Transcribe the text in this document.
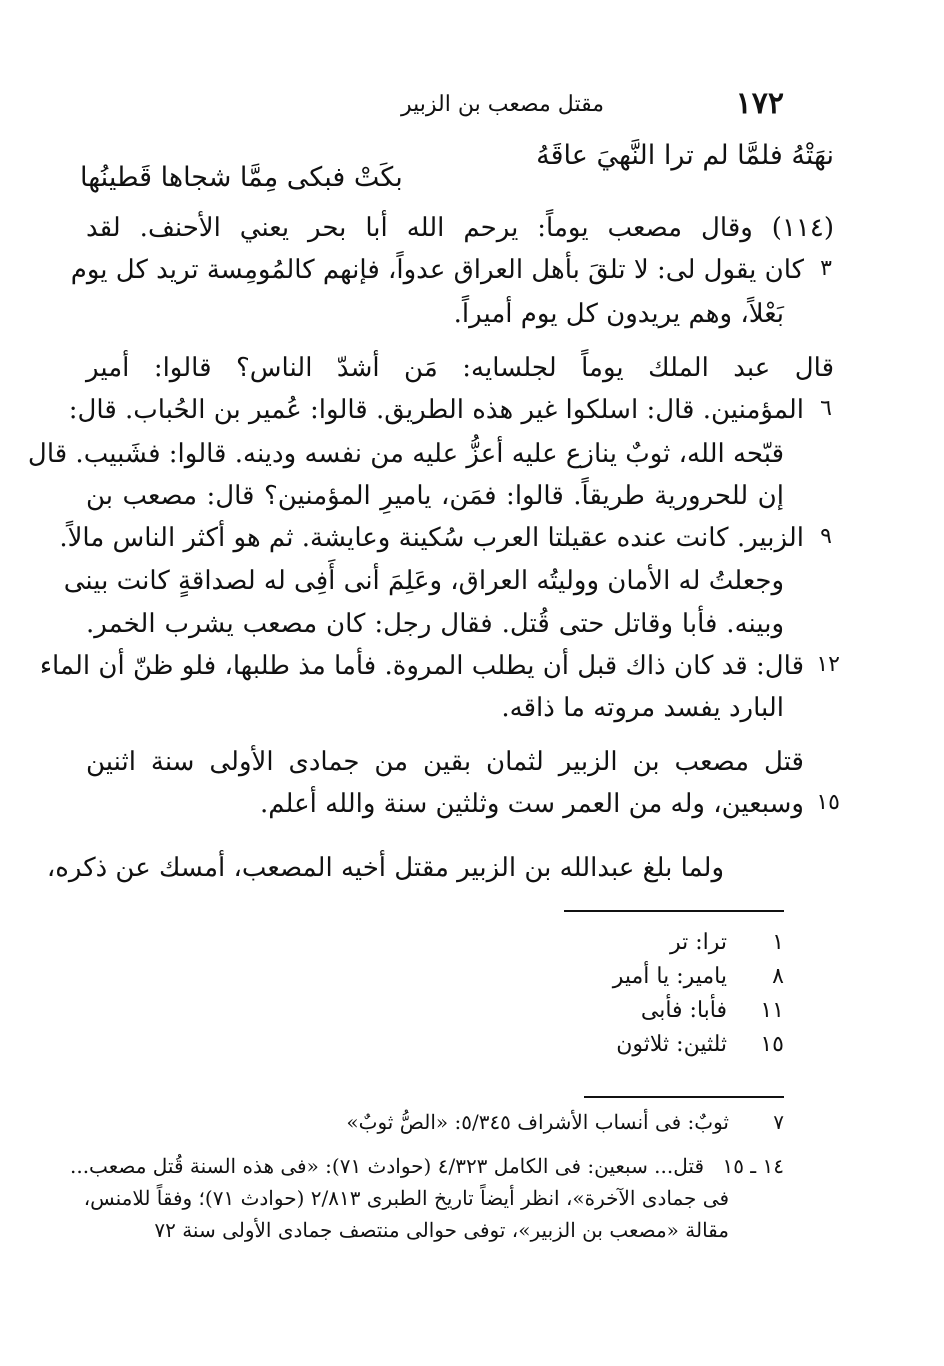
١٧٢
مقتل مصعب بن الزبير
نهَتْهُ فلمَّا لم ترا النَّهيَ عاقَهُ
بكَتْ فبكى مِمَّا شجاها قَطينُها
(١١٤) وقال مصعب يوماً: يرحم الله أبا بحر يعني الأحنف. لقد
كان يقول لى: لا تلقَ بأهل العراق عدواً، فإنهم كالمُومِسة تريد كل يوم
بَعْلاً، وهم يريدون كل يوم أميراً.
قال عبد الملك يوماً لجلسايه: مَن أشدّ الناس؟ قالوا: أمير
المؤمنين. قال: اسلكوا غير هذه الطريق. قالوا: عُمير بن الحُباب. قال:
قبّحه الله، ثوبٌ ينازع عليه أعزُّ عليه من نفسه ودينه. قالوا: فشَبيب. قال
إن للحرورية طريقاً. قالوا: فمَن، ياميرِ المؤمنين؟ قال: مصعب بن
الزبير. كانت عنده عقيلتا العرب سُكينة وعايشة. ثم هو أكثر الناس مالاً.
وجعلتُ له الأمان ووليتُه العراق، وعَلِمَ أنى أَفِى له لصداقةٍ كانت بينى
وبينه. فأبا وقاتل حتى قُتل. فقال رجل: كان مصعب يشرب الخمر.
قال: قد كان ذاك قبل أن يطلب المروة. فأما مذ طلبها، فلو ظنّ أن الماء
البارد يفسد مروته ما ذاقه.
قتل مصعب بن الزبير لثمان بقين من جمادى الأولى سنة اثنين
وسبعين، وله من العمر ست وثلثين سنة والله أعلم.
ولما بلغ عبدالله بن الزبير مقتل أخيه المصعب، أمسك عن ذكره،
٣
٦
٩
١٢
١٥
١ ترا: تر
٨ يامير: يا أمير
١١ فأبا: فأبى
١٥ ثلثين: ثلاثون
٧
ثوبٌ: فى أنساب الأشراف ٥/٣٤٥: «الصُّ ثوبٌ»
١٤ ـ ١٥
قتل... سبعين: فى الكامل ٤/٣٢٣ (حوادث ٧١): «فى هذه السنة قُتل مصعب...
فى جمادى الآخرة»، انظر أيضاً تاريخ الطبرى ٢/٨١٣ (حوادث ٧١)؛ وفقاً للامنس،
مقالة «مصعب بن الزبير»، توفى حوالى منتصف جمادى الأولى سنة ٧٢
